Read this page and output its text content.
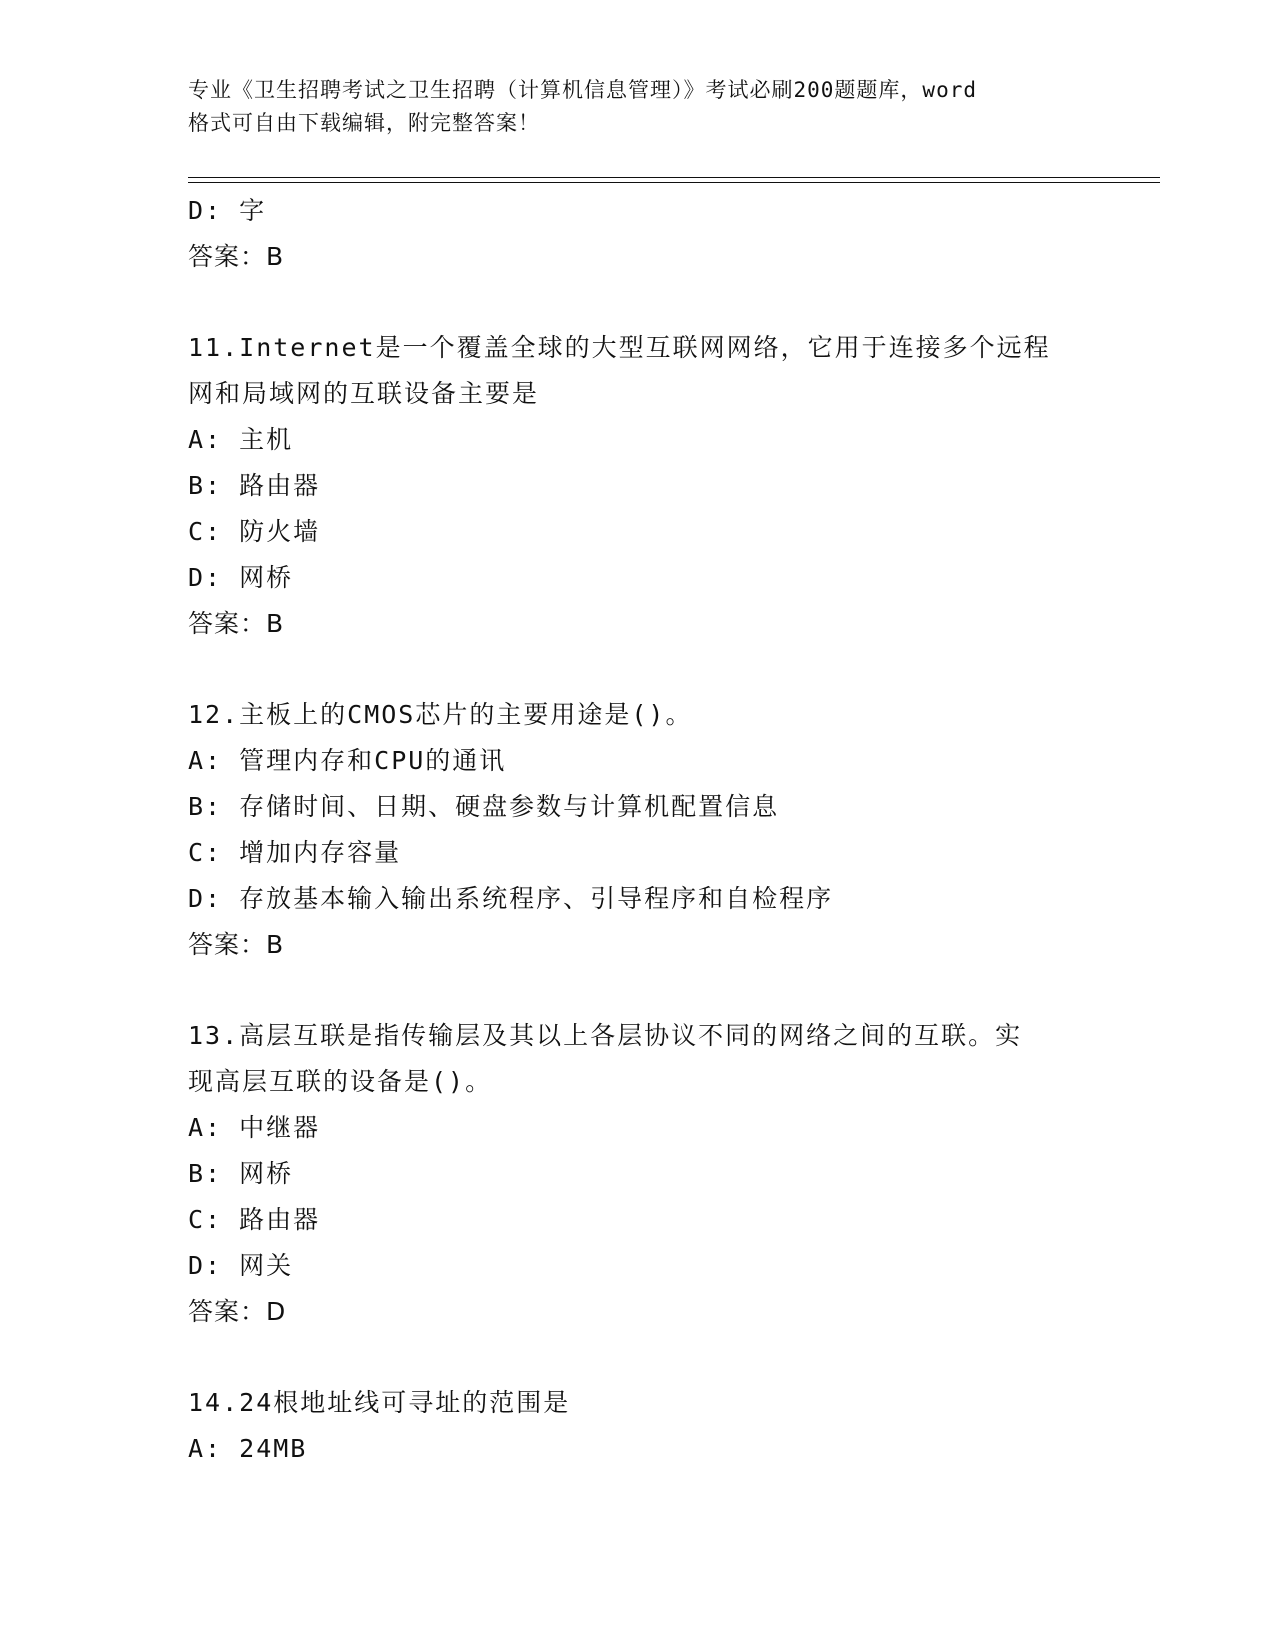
专业《卫生招聘考试之卫生招聘（计算机信息管理）》考试必刷200题题库，word
格式可自由下载编辑，附完整答案！
D: 字
答案：B
11.Internet是一个覆盖全球的大型互联网网络，它用于连接多个远程
网和局域网的互联设备主要是
A: 主机
B: 路由器
C: 防火墙
D: 网桥
答案：B
12.主板上的CMOS芯片的主要用途是()。
A: 管理内存和CPU的通讯
B: 存储时间、日期、硬盘参数与计算机配置信息
C: 增加内存容量
D: 存放基本输入输出系统程序、引导程序和自检程序
答案：B
13.高层互联是指传输层及其以上各层协议不同的网络之间的互联。实
现高层互联的设备是()。
A: 中继器
B: 网桥
C: 路由器
D: 网关
答案：D
14.24根地址线可寻址的范围是
A: 24MB
